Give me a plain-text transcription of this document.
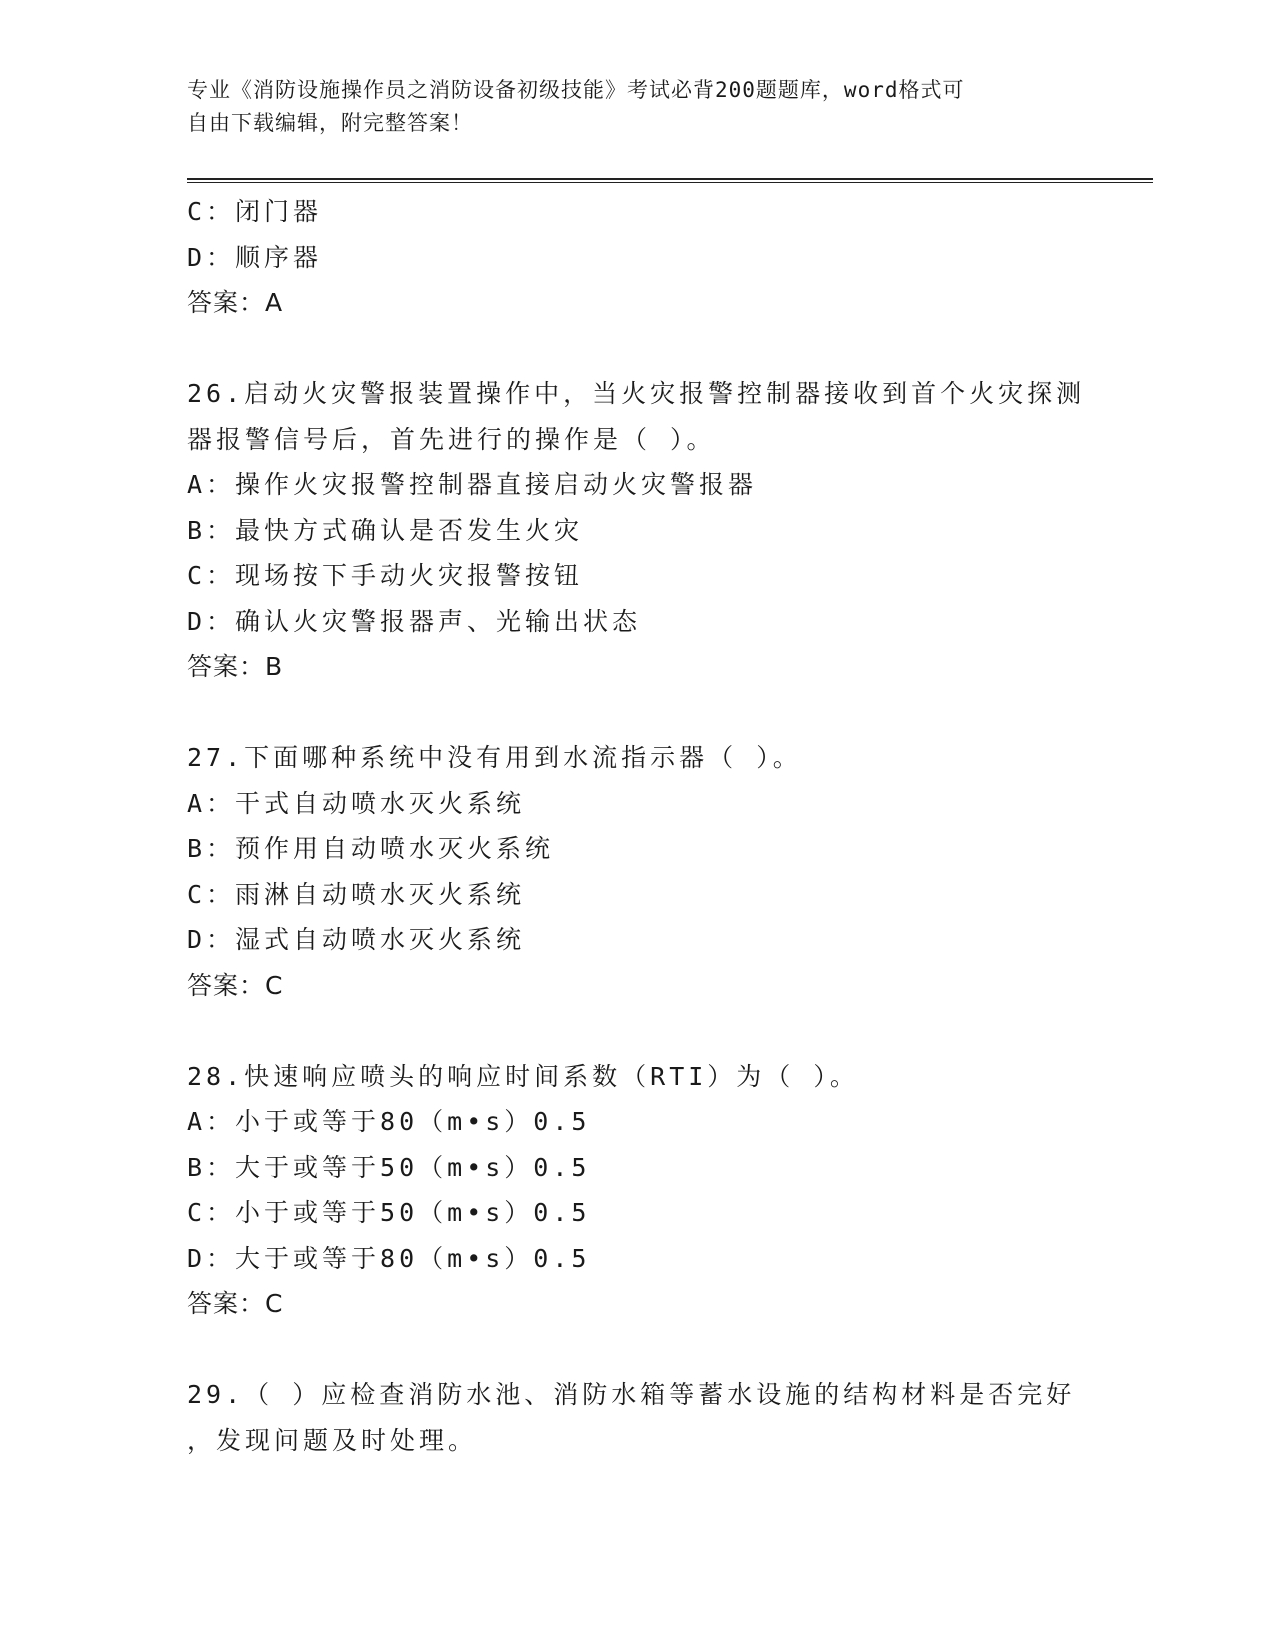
专业《消防设施操作员之消防设备初级技能》考试必背200题题库，word格式可
自由下载编辑，附完整答案！
C：闭门器
D：顺序器
答案：A
26.启动火灾警报装置操作中，当火灾报警控制器接收到首个火灾探测
器报警信号后，首先进行的操作是（ ）。
A：操作火灾报警控制器直接启动火灾警报器
B：最快方式确认是否发生火灾
C：现场按下手动火灾报警按钮
D：确认火灾警报器声、光输出状态
答案：B
27.下面哪种系统中没有用到水流指示器（ ）。
A：干式自动喷水灭火系统
B：预作用自动喷水灭火系统
C：雨淋自动喷水灭火系统
D：湿式自动喷水灭火系统
答案：C
28.快速响应喷头的响应时间系数（RTI）为（ ）。
A：小于或等于80（m•s）0.5
B：大于或等于50（m•s）0.5
C：小于或等于50（m•s）0.5
D：大于或等于80（m•s）0.5
答案：C
29.（ ）应检查消防水池、消防水箱等蓄水设施的结构材料是否完好
，发现问题及时处理。
